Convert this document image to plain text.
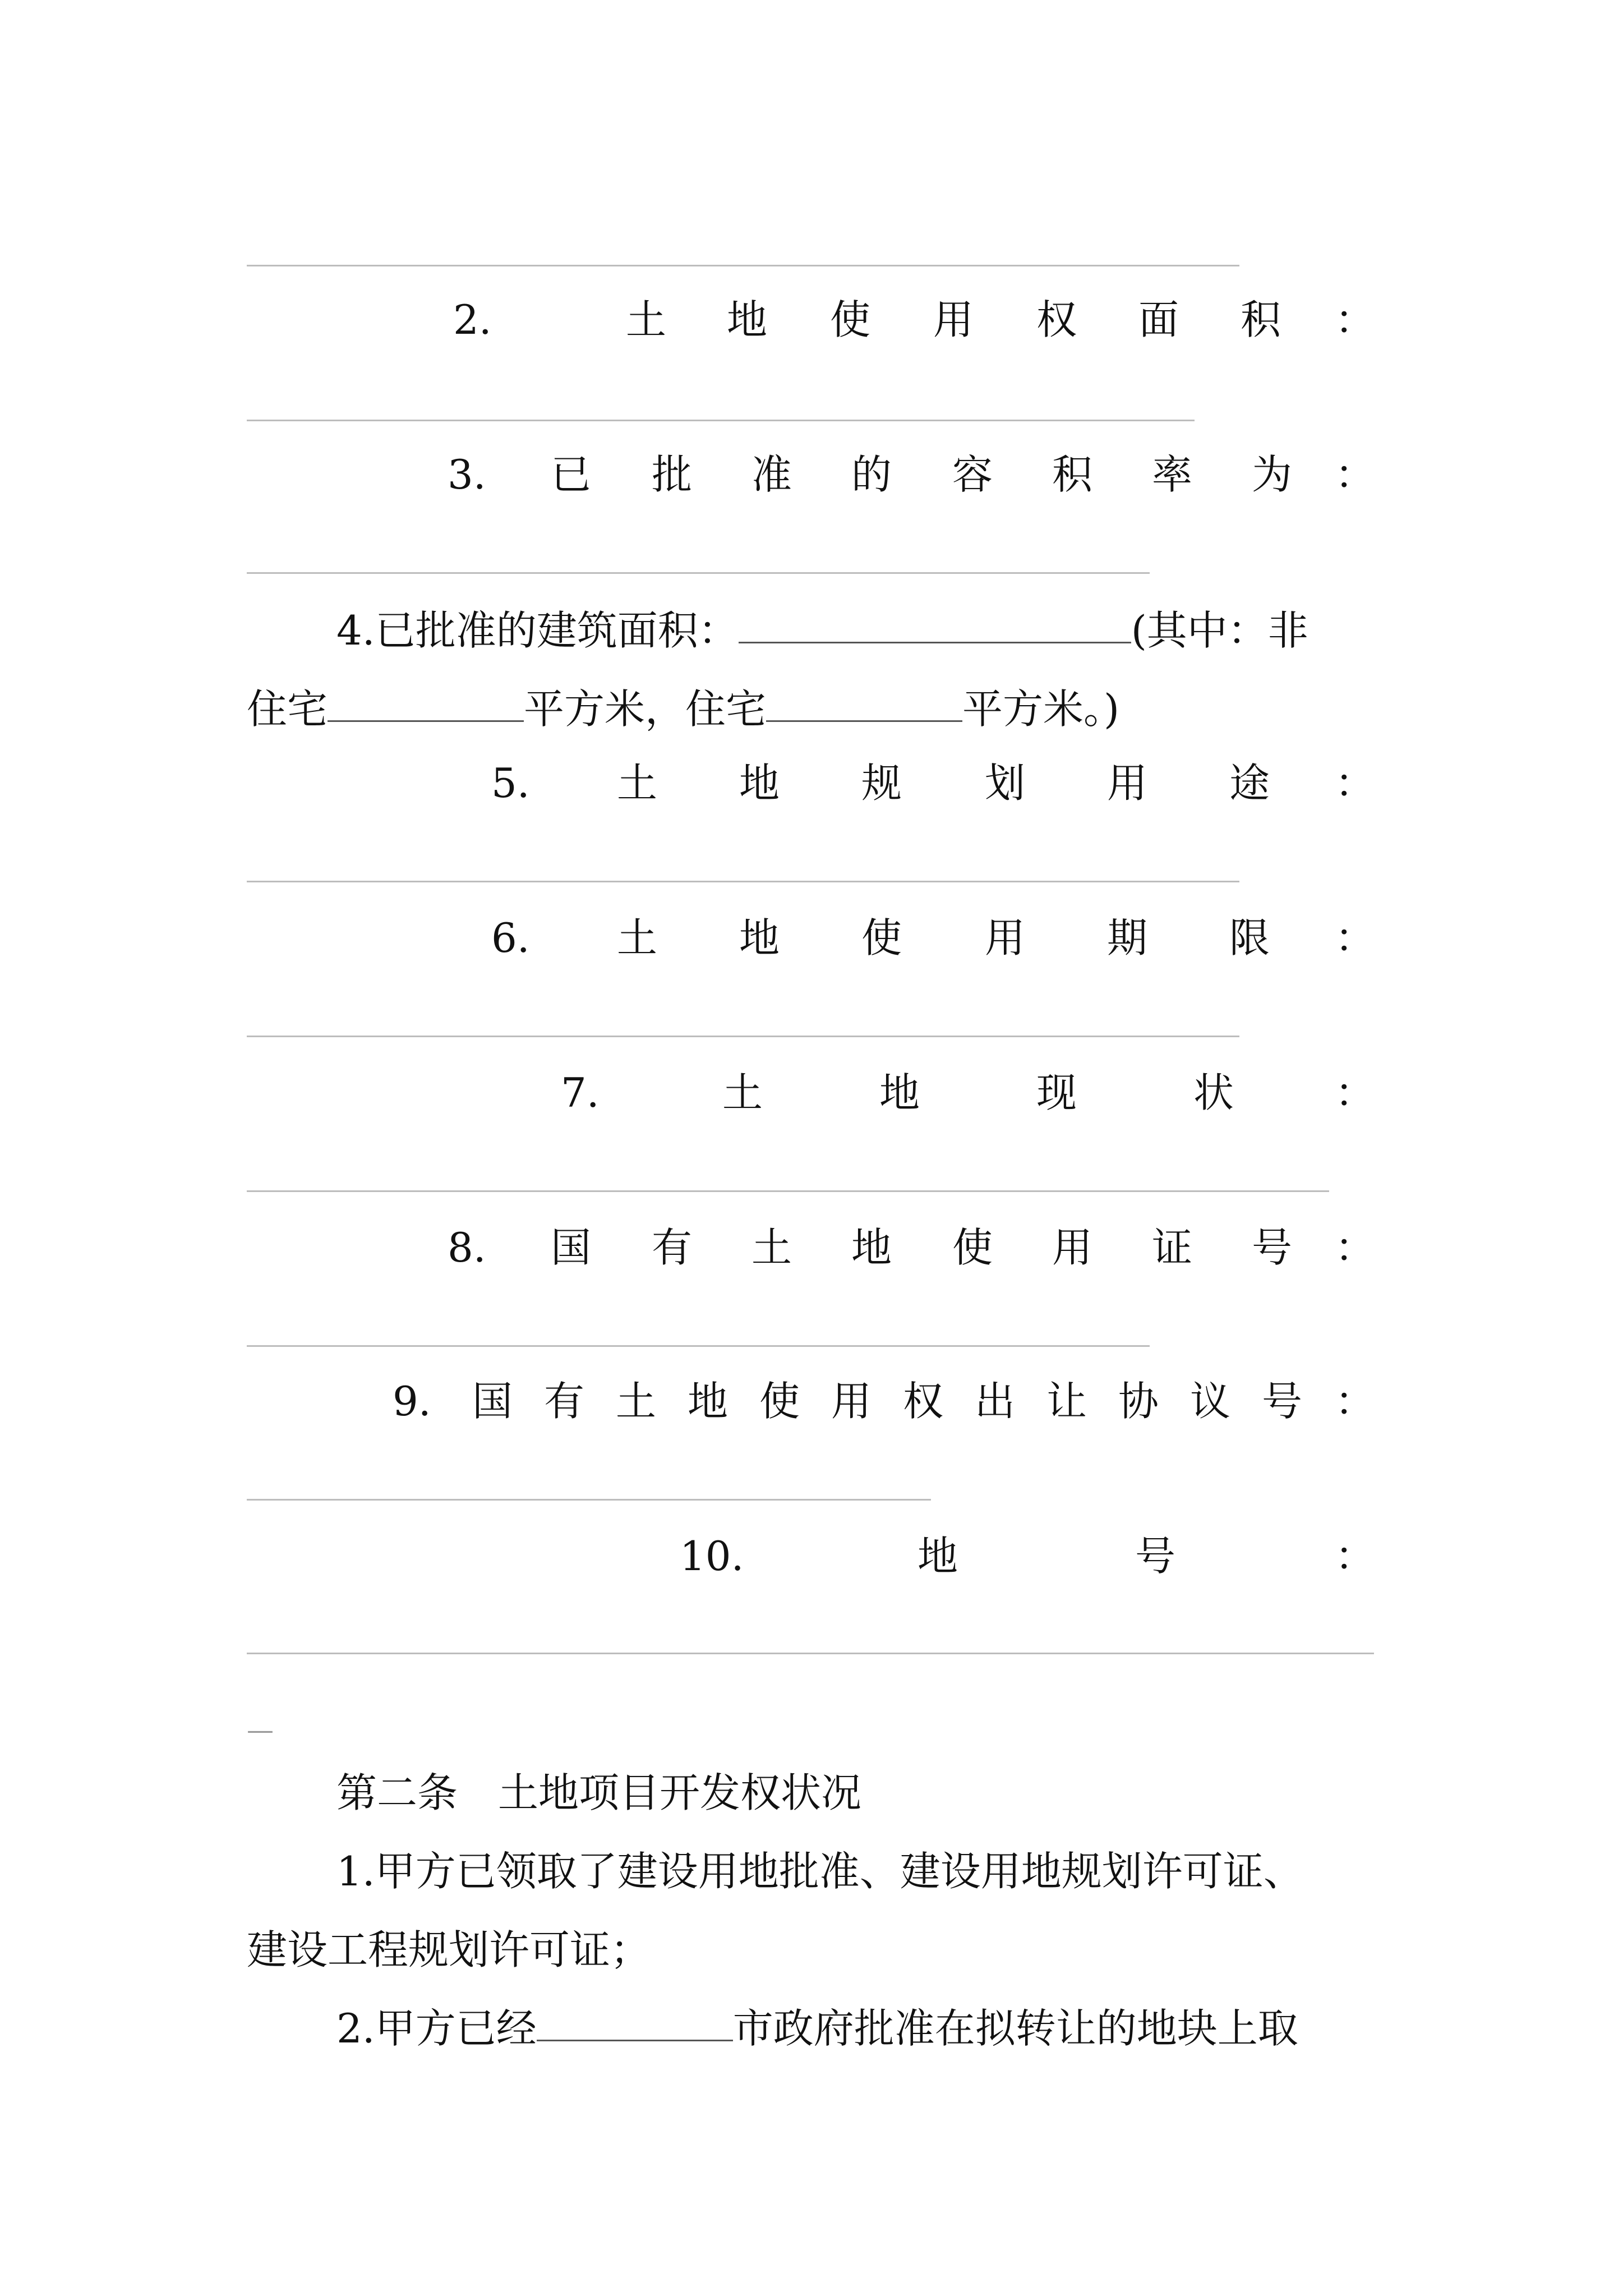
2.	土 地 使 用 权 面 积 ：
3. 已 批 准 的 容 积 率 为 ：
4.已批准的建筑面积：	(其中：非
住宅	平方米，住宅	平方米。)
5. 土 地 规 划 用 途 ：
6. 土 地 使 用 期 限 ：
7.	土	地	现	状 ：
8. 国 有 土 地 使 用 证 号 ：
9. 国 有 土 地 使 用 权 出 让 协 议 号 ：
10.	地	号	：
—
第二条　土地项目开发权状况
1.甲方已领取了建设用地批准、建设用地规划许可证、
建设工程规划许可证；
2.甲方已经	市政府批准在拟转让的地块上取
